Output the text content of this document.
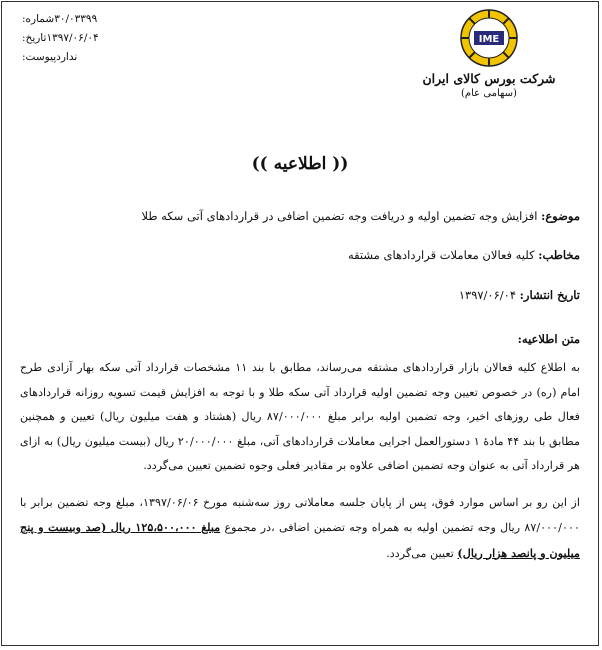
IME
شرکت بورس کالای ایران
(سهامی عام)
شماره: ۳۰/۰۳۳۹۹
تاریخ: ۱۳۹۷/۰۶/۰۴
پیوست: ندارد
(( اطلاعیه ))
موضوع: افزایش وجه تضمین اولیه و دریافت وجه تضمین اضافی در قراردادهای آتی سکه طلا
مخاطب: کلیه فعالان معاملات قراردادهای مشتقه
تاریخ انتشار: ۱۳۹۷/۰۶/۰۴
متن اطلاعیه:

به اطلاع کلیه فعالان بازار قراردادهای مشتقه می‌رساند، مطابق با بند ۱۱ مشخصات قرارداد آتی سکه بهار آزادی طرح امام (ره) در خصوص تعیین وجه تضمین اولیه قرارداد آتی سکه طلا و با توجه به افزایش قیمت تسویه روزانه قراردادهای فعال طی روزهای اخیر، وجه تضمین اولیه برابر مبلغ ۸۷/۰۰۰/۰۰۰ ریال (هشتاد و هفت میلیون ریال) تعیین و همچنین مطابق با بند ۴۴ مادهٔ ۱ دستورالعمل اجرایی معاملات قراردادهای آتی، مبلغ ۲۰/۰۰۰/۰۰۰ ریال (بیست میلیون ریال) به ازای هر قرارداد آتی به عنوان وجه تضمین اضافی علاوه بر مقادیر فعلی وجوه تضمین تعیین می‌گردد.

از این رو بر اساس موارد فوق، پس از پایان جلسه معاملاتی روز سه‌شنبه مورخ ۱۳۹۷/۰۶/۰۶، مبلغ وجه تضمین برابر با ۸۷/۰۰۰/۰۰۰ ریال وجه تضمین اولیه به همراه وجه تضمین اضافی ،در مجموع مبلغ ۱۲۵،۵۰۰،۰۰۰ ریال (صد وبیست و پنج میلیون و پانصد هزار ریال) تعیین می‌گردد.
